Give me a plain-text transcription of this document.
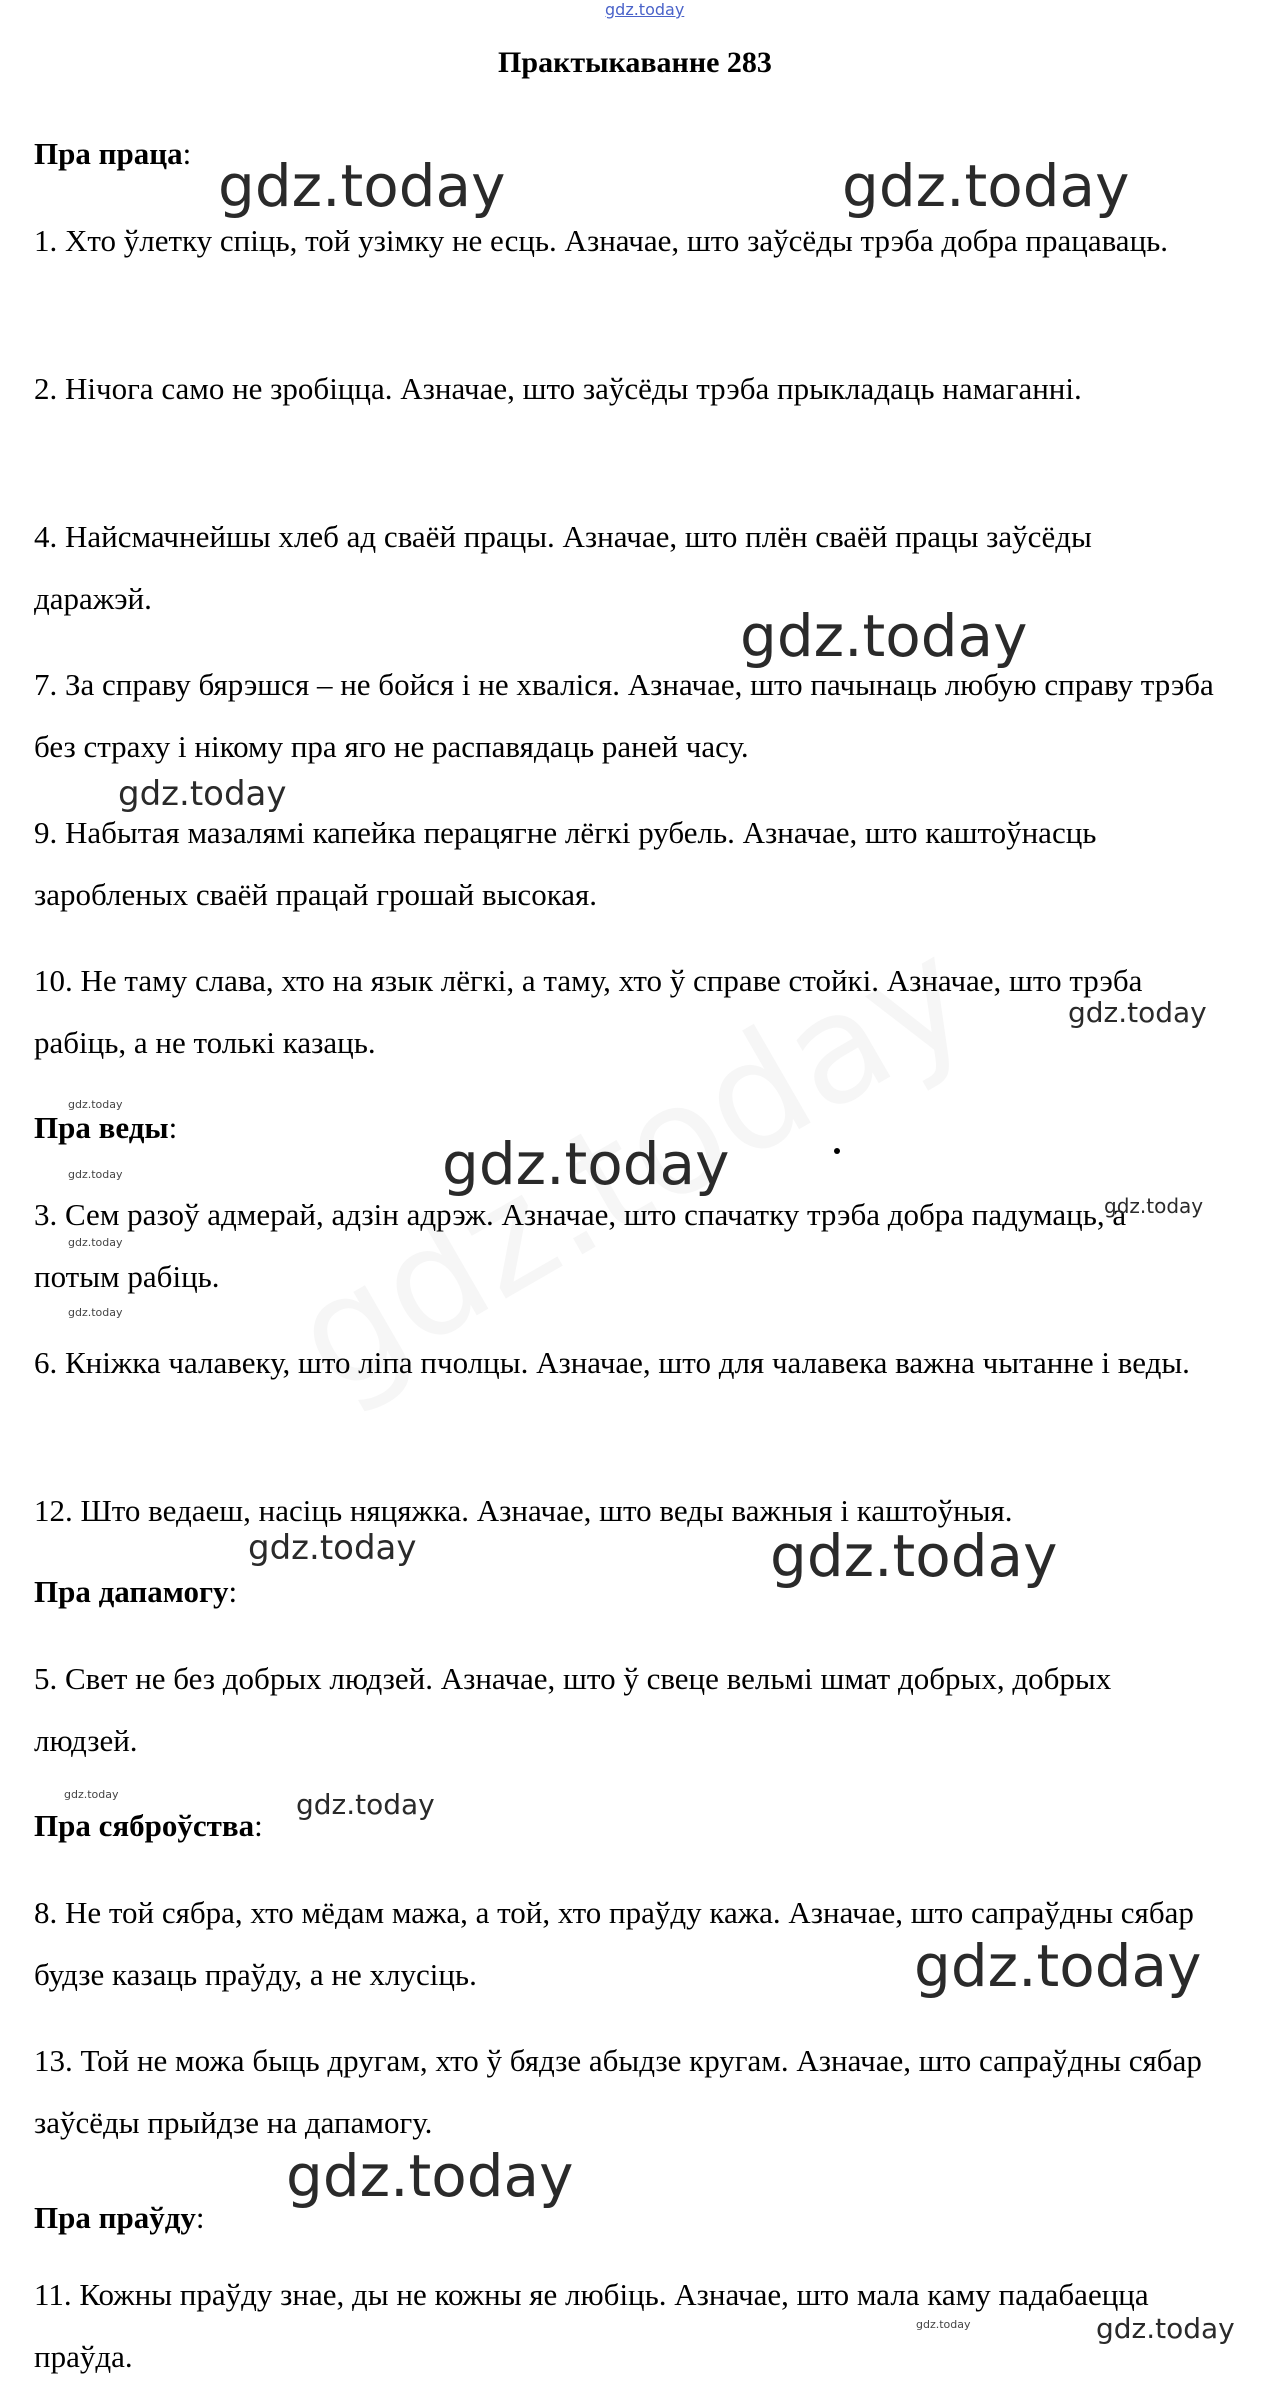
gdz.today
Практыкаванне 283
Пра праца:
1. Хто ўлетку спіць, той узімку не есць. Азначае, што заўсёды трэба добра працаваць.
2. Нічога само не зробіцца. Азначае, што заўсёды трэба прыкладаць намаганні.
4. Найсмачнейшы хлеб ад сваёй працы. Азначае, што плён сваёй працы заўсёды даражэй.
7. За справу бярэшся – не бойся і не хваліся. Азначае, што пачынаць любую справу трэба без страху і нікому пра яго не распавядаць раней часу.
9. Набытая мазалямі капейка перацягне лёгкі рубель. Азначае, што каштоўнасць заробленых сваёй працай грошай высокая.
10. Не таму слава, хто на язык лёгкі, а таму, хто ў справе стойкі. Азначае, што трэба рабіць, а не толькі казаць.
Пра веды:
3. Сем разоў адмерай, адзін адрэж. Азначае, што спачатку трэба добра падумаць, а потым рабіць.
6. Кніжка чалавеку, што ліпа пчолцы. Азначае, што для чалавека важна чытанне і веды.
12. Што ведаеш, насіць няцяжка. Азначае, што веды важныя і каштоўныя.
Пра дапамогу:
5. Свет не без добрых людзей. Азначае, што ў свеце вельмі шмат добрых, добрых людзей.
Пра сяброўства:
8. Не той сябра, хто мёдам мажа, а той, хто праўду кажа. Азначае, што сапраўдны сябар будзе казаць праўду, а не хлусіць.
13. Той не можа быць другам, хто ў бядзе абыдзе кругам. Азначае, што сапраўдны сябар заўсёды прыйдзе на дапамогу.
Пра праўду:
11. Кожны праўду знае, ды не кожны яе любіць. Азначае, што мала каму падабаецца праўда.
gdz.today	gdz.today
gdz.today
gdz.today
gdz.today
gdz.today
gdz.today
gdz.today
gdz.today
gdz.today
gdz.today
gdz.today	gdz.today
gdz.today	gdz.today
gdz.today
gdz.today
gdz.today	gdz.today
